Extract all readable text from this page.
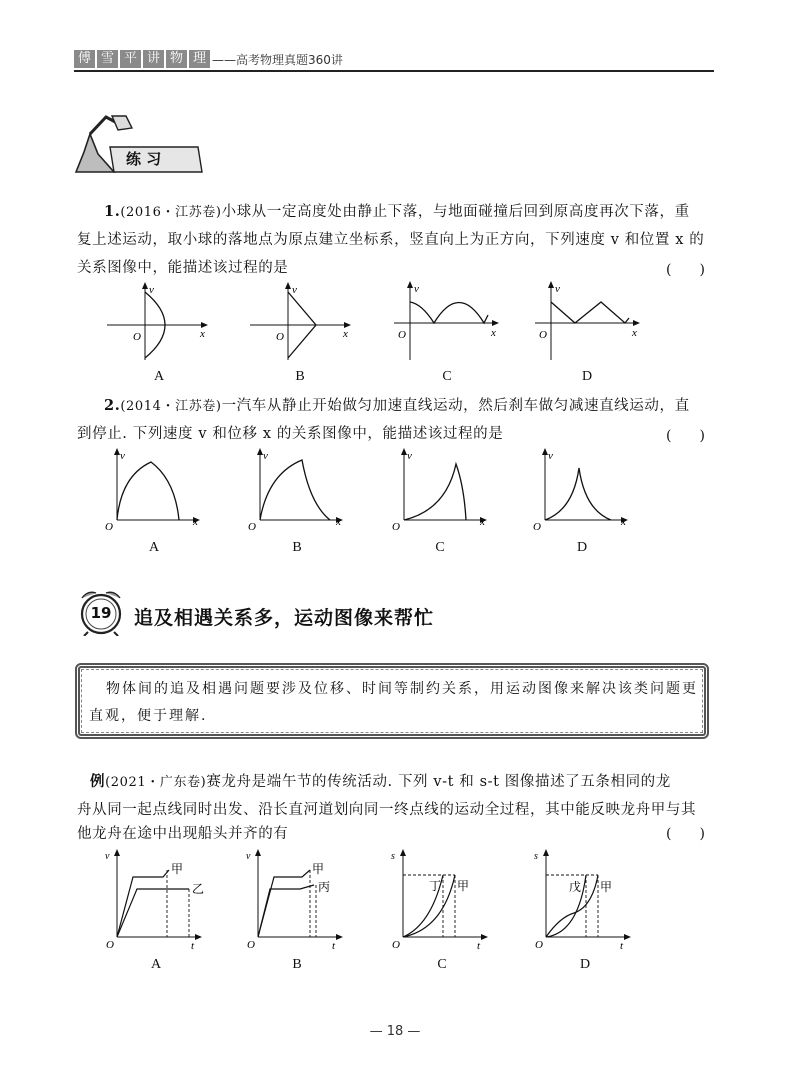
傅 雪 平 讲 物 理 ——高考物理真题360讲
练 习
1.(2016・江苏卷)小球从一定高度处由静止下落，与地面碰撞后回到原高度再次下落，重
复上述运动，取小球的落地点为原点建立坐标系，竖直向上为正方向，下列速度 v 和位置 x 的
关系图像中，能描述该过程的是	(　　)
v
x
O
A
v
x
O
B
v
x
O
C
v
x
O
D
2.(2014・江苏卷)一汽车从静止开始做匀加速直线运动，然后刹车做匀减速直线运动，直
到停止. 下列速度 v 和位移 x 的关系图像中，能描述该过程的是	(　　)
v
x
O
A
v
x
O
B
v
x
O
C
v
x
O
D
19 追及相遇关系多，运动图像来帮忙
物体间的追及相遇问题要涉及位移、时间等制约关系，用运动图像来解决该类问题更
直观，便于理解.
例(2021・广东卷)赛龙舟是端午节的传统活动. 下列 v-t 和 s-t 图像描述了五条相同的龙
舟从同一起点线同时出发、沿长直河道划向同一终点线的运动全过程，其中能反映龙舟甲与其
他龙舟在途中出现船头并齐的有	(　　)
v
t
O
甲
乙
A
v
t
O
甲
丙
B
s
t
O
丁 甲
C
s
t
O
戊 甲
D
— 18 —
